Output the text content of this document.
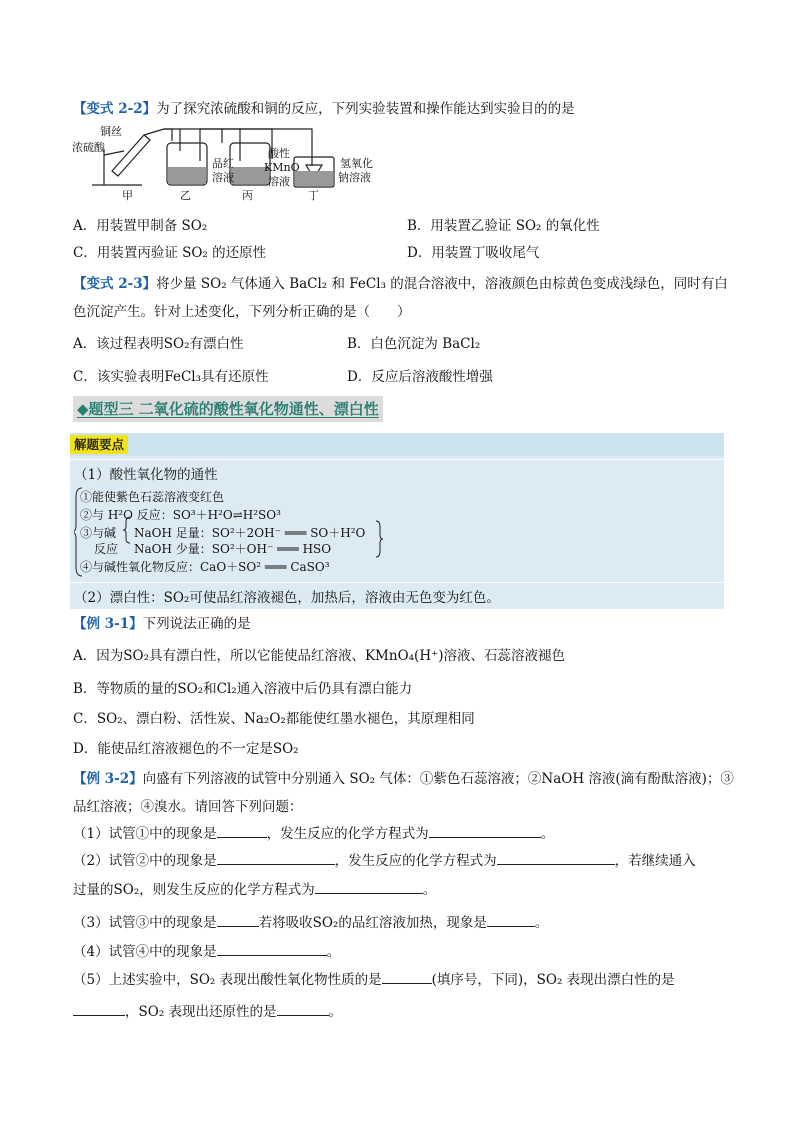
【变式 2-2】为了探究浓硫酸和铜的反应，下列实验装置和操作能达到实验目的的是
铜丝
浓硫酸
品红
溶液
酸性
KMnO
溶液
氢氧化
钠溶液
甲	乙	丙	丁
A．用装置甲制备 SO₂	B．用装置乙验证 SO₂ 的氧化性
C．用装置丙验证 SO₂ 的还原性	D．用装置丁吸收尾气
【变式 2-3】将少量 SO₂ 气体通入 BaCl₂ 和 FeCl₃ 的混合溶液中，溶液颜色由棕黄色变成浅绿色，同时有白
色沉淀产生。针对上述变化，下列分析正确的是（　　）
A．该过程表明SO₂有漂白性	B．白色沉淀为 BaCl₂
C．该实验表明FeCl₃具有还原性	D．反应后溶液酸性增强
◆题型三 二氧化硫的酸性氧化物通性、漂白性
解题要点
（1）酸性氧化物的通性
①能使紫色石蕊溶液变红色
②与 H²O 反应：SO³＋H²O⇌H²SO³
③与碱
反应
NaOH 足量：SO²＋2OH⁻ ═══ SO＋H²O
NaOH 少量：SO²＋OH⁻ ═══ HSO
④与碱性氧化物反应：CaO＋SO² ═══ CaSO³
（2）漂白性：SO₂可使品红溶液褪色，加热后，溶液由无色变为红色。
【例 3-1】下列说法正确的是
A．因为SO₂具有漂白性，所以它能使品红溶液、KMnO₄(H⁺)溶液、石蕊溶液褪色
B．等物质的量的SO₂和Cl₂通入溶液中后仍具有漂白能力
C．SO₂、漂白粉、活性炭、Na₂O₂都能使红墨水褪色，其原理相同
D．能使品红溶液褪色的不一定是SO₂
【例 3-2】向盛有下列溶液的试管中分别通入 SO₂ 气体：①紫色石蕊溶液；②NaOH 溶液(滴有酚酞溶液)；③
品红溶液；④溴水。请回答下列问题：
（1）试管①中的现象是	，发生反应的化学方程式为	。
（2）试管②中的现象是	，发生反应的化学方程式为	，若继续通入
过量的SO₂，则发生反应的化学方程式为	。
（3）试管③中的现象是	若将吸收SO₂的品红溶液加热，现象是	。
（4）试管④中的现象是	。
（5）上述实验中，SO₂ 表现出酸性氧化物性质的是	(填序号，下同)，SO₂ 表现出漂白性的是
，SO₂ 表现出还原性的是	。
